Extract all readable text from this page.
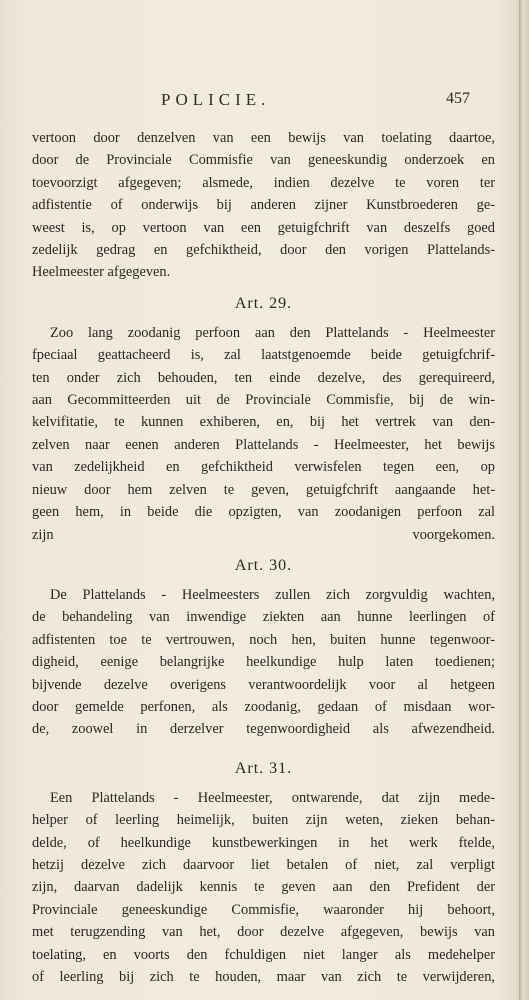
POLICIE.	457
vertoon door denzelven van een bewijs van toelating daartoe,
door de Provinciale Commisfie van geneeskundig onderzoek en
toevoorzigt afgegeven; alsmede, indien dezelve te voren ter
adfistentie of onderwijs bij anderen zijner Kunstbroederen ge-
weest is, op vertoon van een getuigfchrift van deszelfs goed
zedelijk gedrag en gefchiktheid, door den vorigen Plattelands-
Heelmeester afgegeven.
Art. 29.
Zoo lang zoodanig perfoon aan den Plattelands - Heelmeester
fpeciaal geattacheerd is, zal laatstgenoemde beide getuigfchrif-
ten onder zich behouden, ten einde dezelve, des gerequireerd,
aan Gecommitteerden uit de Provinciale Commisfie, bij de win-
kelvifitatie, te kunnen exhiberen, en, bij het vertrek van den-
zelven naar eenen anderen Plattelands - Heelmeester, het bewijs
van zedelijkheid en gefchiktheid verwisfelen tegen een, op
nieuw door hem zelven te geven, getuigfchrift aangaande het-
geen hem, in beide die opzigten, van zoodanigen perfoon zal
zijn voorgekomen.
Art. 30.
De Plattelands - Heelmeesters zullen zich zorgvuldig wachten,
de behandeling van inwendige ziekten aan hunne leerlingen of
adfistenten toe te vertrouwen, noch hen, buiten hunne tegenwoor-
digheid, eenige belangrijke heelkundige hulp laten toedienen;
bijvende dezelve overigens verantwoordelijk voor al hetgeen
door gemelde perfonen, als zoodanig, gedaan of misdaan wor-
de, zoowel in derzelver tegenwoordigheid als afwezendheid.
Art. 31.
Een Plattelands - Heelmeester, ontwarende, dat zijn mede-
helper of leerling heimelijk, buiten zijn weten, zieken behan-
delde, of heelkundige kunstbewerkingen in het werk ftelde,
hetzij dezelve zich daarvoor liet betalen of niet, zal verpligt
zijn, daarvan dadelijk kennis te geven aan den Prefident der
Provinciale geneeskundige Commisfie, waaronder hij behoort,
met terugzending van het, door dezelve afgegeven, bewijs van
toelating, en voorts den fchuldigen niet langer als medehelper
of leerling bij zich te houden, maar van zich te verwijderen,
